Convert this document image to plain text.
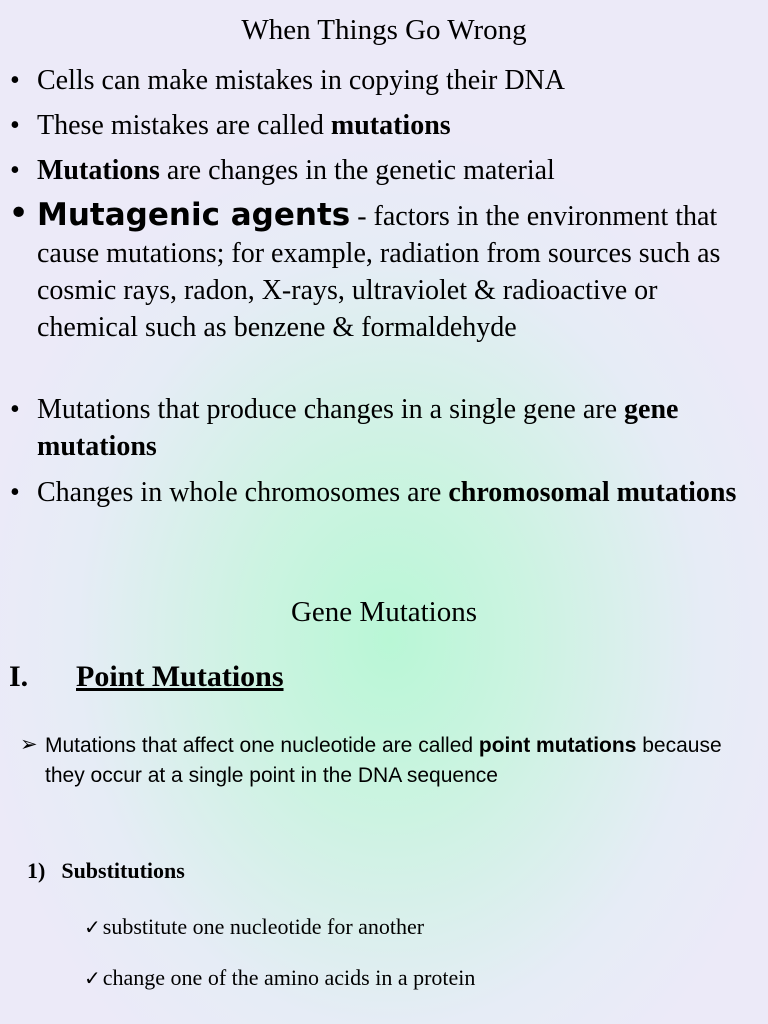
When Things Go Wrong
• Cells can make mistakes in copying their DNA
• These mistakes are called mutations
• Mutations are changes in the genetic material
• Mutagenic agents - factors in the environment that cause mutations; for example, radiation from sources such as cosmic rays, radon, X-rays, ultraviolet & radioactive or chemical such as benzene & formaldehyde
• Mutations that produce changes in a single gene are gene mutations
• Changes in whole chromosomes are chromosomal mutations
Gene Mutations
I. Point Mutations
➢ Mutations that affect one nucleotide are called point mutations because they occur at a single point in the DNA sequence
1) Substitutions
✓substitute one nucleotide for another
✓change one of the amino acids in a protein
